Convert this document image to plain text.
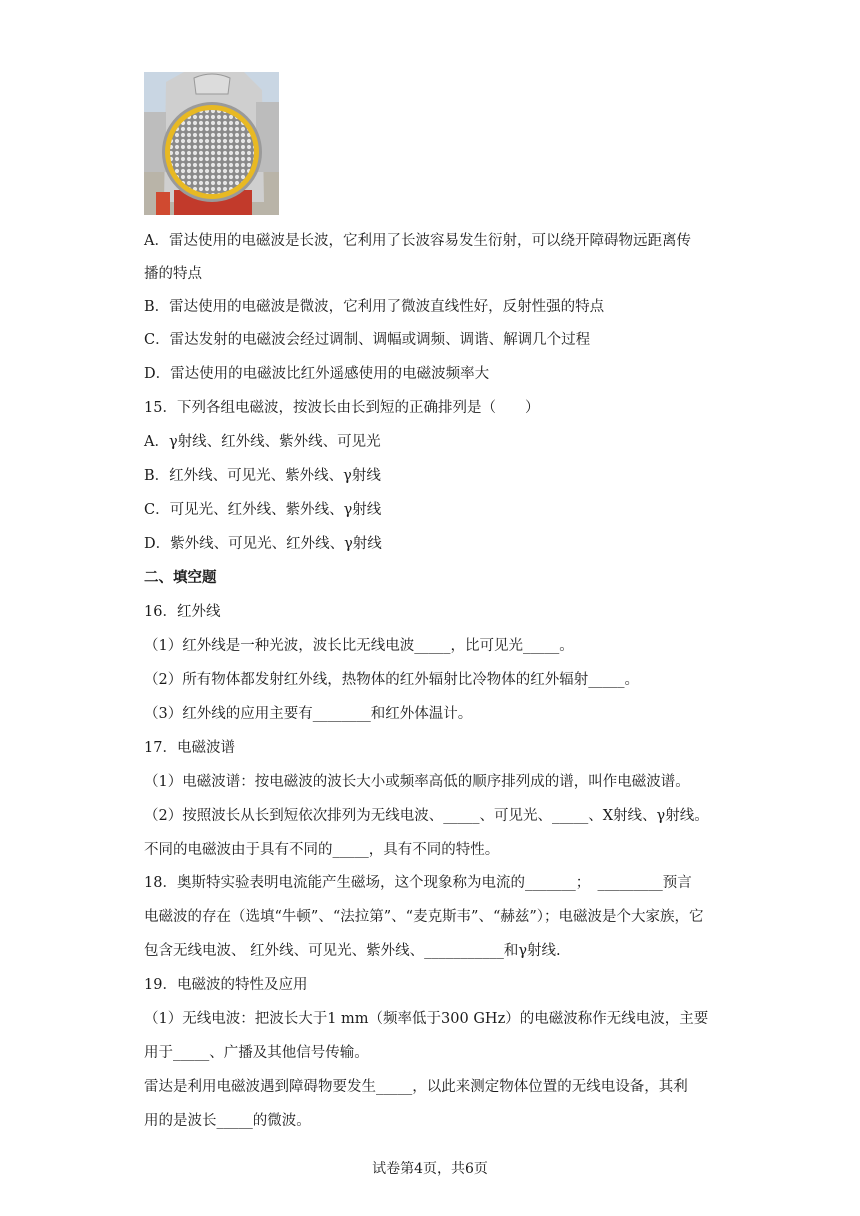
A．雷达使用的电磁波是长波，它利用了长波容易发生衍射，可以绕开障碍物远距离传
播的特点
B．雷达使用的电磁波是微波，它利用了微波直线性好，反射性强的特点
C．雷达发射的电磁波会经过调制、调幅或调频、调谐、解调几个过程
D．雷达使用的电磁波比红外遥感使用的电磁波频率大
15．下列各组电磁波，按波长由长到短的正确排列是（　　）
A．γ射线、红外线、紫外线、可见光
B．红外线、可见光、紫外线、γ射线
C．可见光、红外线、紫外线、γ射线
D．紫外线、可见光、红外线、γ射线
二、填空题
16．红外线
（1）红外线是一种光波，波长比无线电波_____，比可见光_____。
（2）所有物体都发射红外线，热物体的红外辐射比冷物体的红外辐射_____。
（3）红外线的应用主要有________和红外体温计。
17．电磁波谱
（1）电磁波谱：按电磁波的波长大小或频率高低的顺序排列成的谱，叫作电磁波谱。
（2）按照波长从长到短依次排列为无线电波、_____、可见光、_____、X射线、γ射线。
不同的电磁波由于具有不同的_____，具有不同的特性。
18．奥斯特实验表明电流能产生磁场，这个现象称为电流的_______；　_________预言
电磁波的存在（选填“牛顿”、“法拉第”、“麦克斯韦”、“赫兹”）；电磁波是个大家族，它
包含无线电波、 红外线、可见光、紫外线、___________和γ射线.
19．电磁波的特性及应用
（1）无线电波：把波长大于1 mm（频率低于300 GHz）的电磁波称作无线电波，主要
用于_____、广播及其他信号传输。
雷达是利用电磁波遇到障碍物要发生_____，以此来测定物体位置的无线电设备，其利
用的是波长_____的微波。
试卷第4页，共6页
